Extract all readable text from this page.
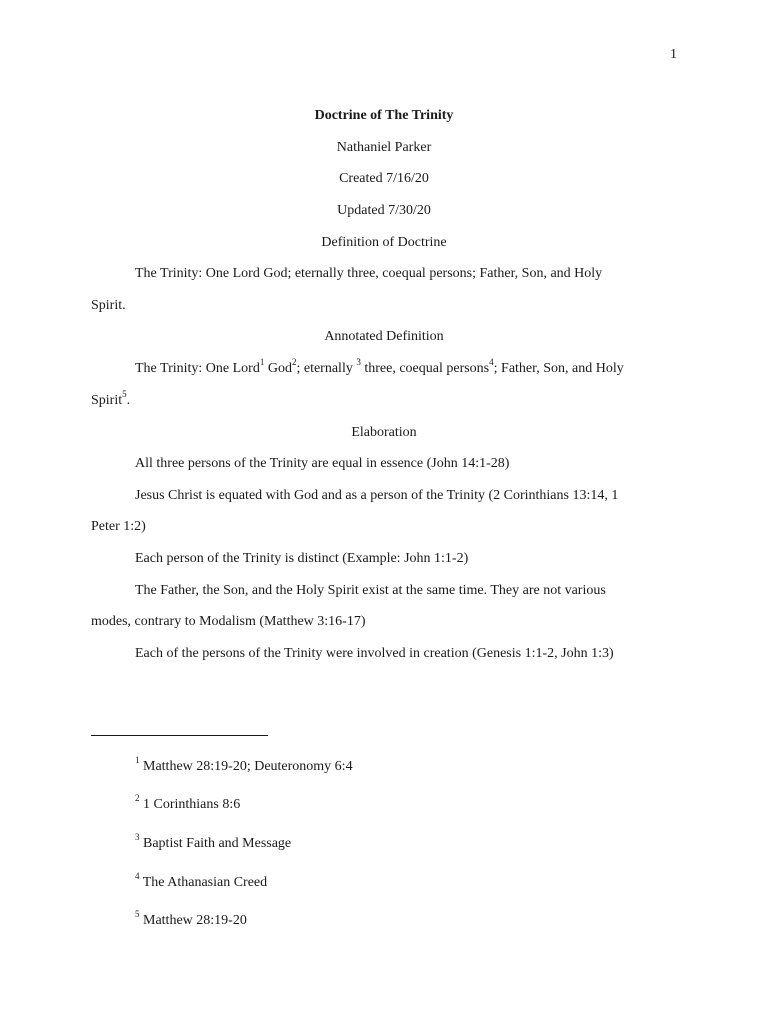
1
Doctrine of The Trinity
Nathaniel Parker
Created 7/16/20
Updated 7/30/20
Definition of Doctrine
The Trinity: One Lord God; eternally three, coequal persons; Father, Son, and Holy
Spirit.
Annotated Definition
The Trinity: One Lord$^1$ God$^2$; eternally $^3$ three, coequal persons$^4$; Father, Son, and Holy
Spirit$^5$.
Elaboration
All three persons of the Trinity are equal in essence (John 14:1-28)
Jesus Christ is equated with God and as a person of the Trinity (2 Corinthians 13:14, 1
Peter 1:2)
Each person of the Trinity is distinct (Example: John 1:1-2)
The Father, the Son, and the Holy Spirit exist at the same time. They are not various
modes, contrary to Modalism (Matthew 3:16-17)
Each of the persons of the Trinity were involved in creation (Genesis 1:1-2, John 1:3)
$^1$ Matthew 28:19-20; Deuteronomy 6:4
$^2$ 1 Corinthians 8:6
$^3$ Baptist Faith and Message
$^4$ The Athanasian Creed
$^5$ Matthew 28:19-20
